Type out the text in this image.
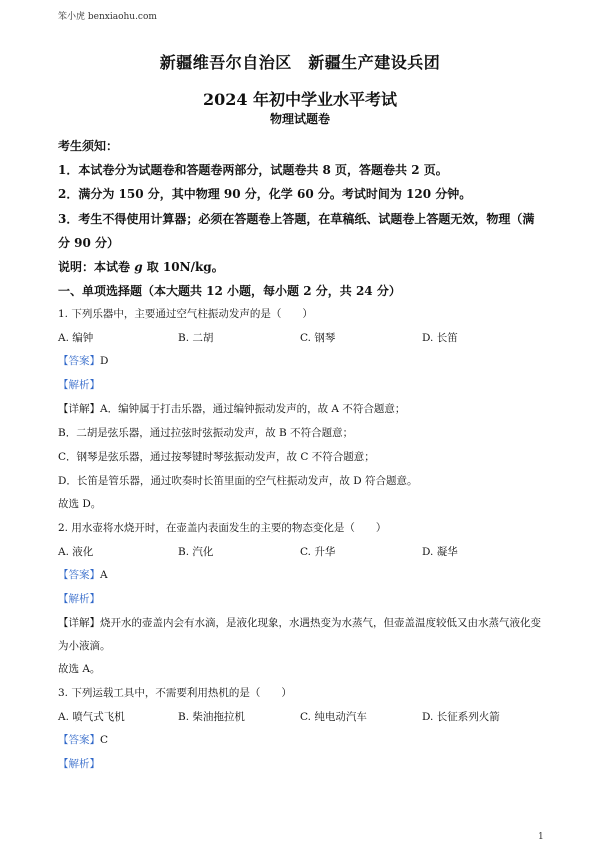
笨小虎 benxiaohu.com
新疆维吾尔自治区　新疆生产建设兵团
2024 年初中学业水平考试
物理试题卷
考生须知：
1．本试卷分为试题卷和答题卷两部分，试题卷共 8 页，答题卷共 2 页。
2．满分为 150 分，其中物理 90 分，化学 60 分。考试时间为 120 分钟。
3．考生不得使用计算器；必须在答题卷上答题，在草稿纸、试题卷上答题无效，物理（满
分 90 分）
说明：本试卷 g 取 10N/kg。
一、单项选择题（本大题共 12 小题，每小题 2 分，共 24 分）
1. 下列乐器中，主要通过空气柱振动发声的是（　　）
A. 编钟	B. 二胡	C. 钢琴	D. 长笛
【答案】D
【解析】
【详解】A．编钟属于打击乐器，通过编钟振动发声的，故 A 不符合题意；
B．二胡是弦乐器，通过拉弦时弦振动发声，故 B 不符合题意；
C．钢琴是弦乐器，通过按琴键时琴弦振动发声，故 C 不符合题意；
D．长笛是管乐器，通过吹奏时长笛里面的空气柱振动发声，故 D 符合题意。
故选 D。
2. 用水壶将水烧开时，在壶盖内表面发生的主要的物态变化是（　　）
A. 液化	B. 汽化	C. 升华	D. 凝华
【答案】A
【解析】
【详解】烧开水的壶盖内会有水滴，是液化现象，水遇热变为水蒸气，但壶盖温度较低又由水蒸气液化变
为小液滴。
故选 A。
3. 下列运载工具中，不需要利用热机的是（　　）
A. 喷气式飞机	B. 柴油拖拉机	C. 纯电动汽车	D. 长征系列火箭
【答案】C
【解析】
1
